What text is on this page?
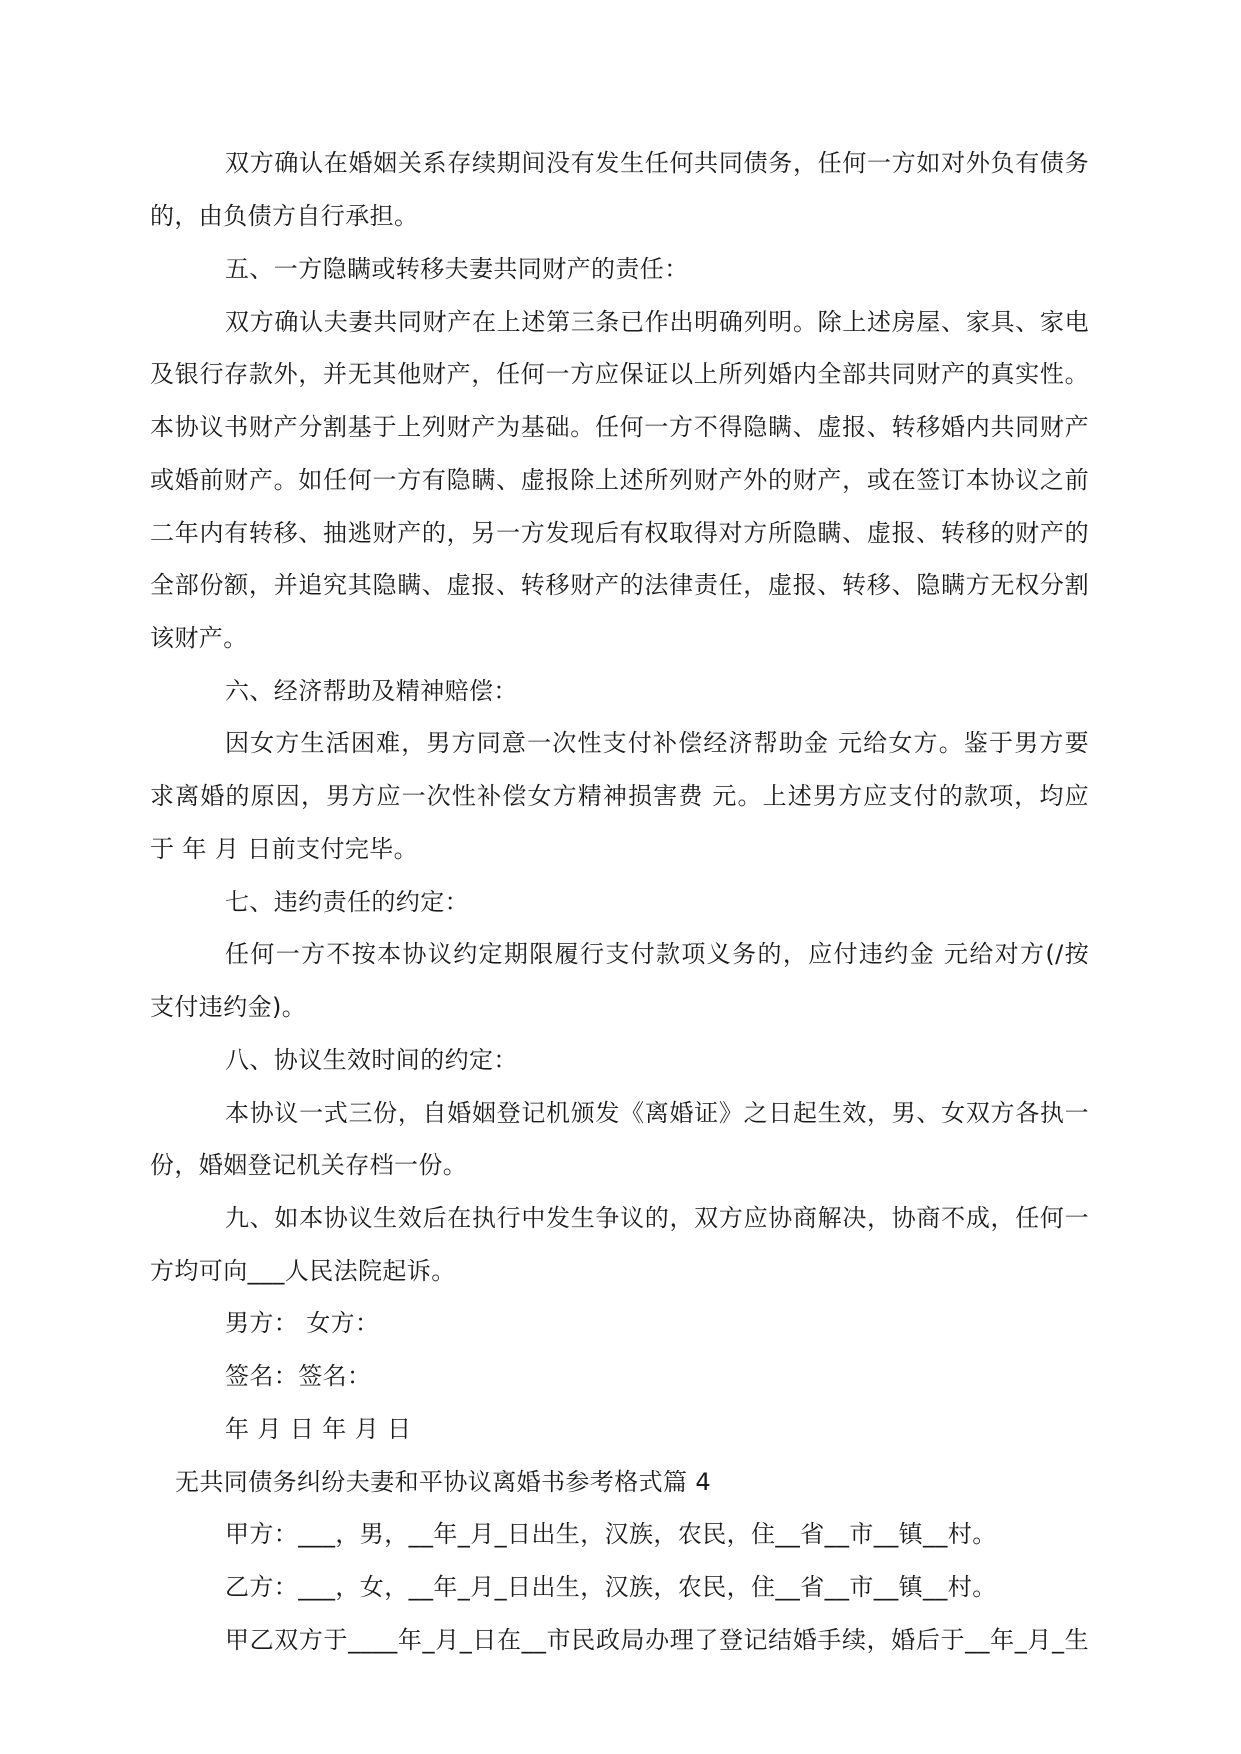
双方确认在婚姻关系存续期间没有发生任何共同债务，任何一方如对外负有债务
的，由负债方自行承担。
五、一方隐瞒或转移夫妻共同财产的责任：
双方确认夫妻共同财产在上述第三条已作出明确列明。除上述房屋、家具、家电
及银行存款外，并无其他财产，任何一方应保证以上所列婚内全部共同财产的真实性。
本协议书财产分割基于上列财产为基础。任何一方不得隐瞒、虚报、转移婚内共同财产
或婚前财产。如任何一方有隐瞒、虚报除上述所列财产外的财产，或在签订本协议之前
二年内有转移、抽逃财产的，另一方发现后有权取得对方所隐瞒、虚报、转移的财产的
全部份额，并追究其隐瞒、虚报、转移财产的法律责任，虚报、转移、隐瞒方无权分割
该财产。
六、经济帮助及精神赔偿：
因女方生活困难，男方同意一次性支付补偿经济帮助金 元给女方。鉴于男方要
求离婚的原因，男方应一次性补偿女方精神损害费 元。上述男方应支付的款项，均应
于 年 月 日前支付完毕。
七、违约责任的约定：
任何一方不按本协议约定期限履行支付款项义务的，应付违约金 元给对方(/按
支付违约金)。
八、协议生效时间的约定：
本协议一式三份，自婚姻登记机颁发《离婚证》之日起生效，男、女双方各执一
份，婚姻登记机关存档一份。
九、如本协议生效后在执行中发生争议的，双方应协商解决，协商不成，任何一
方均可向___人民法院起诉。
男方： 女方：
签名：签名：
年 月 日 年 月 日
无共同债务纠纷夫妻和平协议离婚书参考格式篇 4
甲方：___，男，__年_月_日出生，汉族，农民，住__省__市__镇__村。
乙方：___，女，__年_月_日出生，汉族，农民，住__省__市__镇__村。
甲乙双方于____年_月_日在__市民政局办理了登记结婚手续，婚后于__年_月_生
